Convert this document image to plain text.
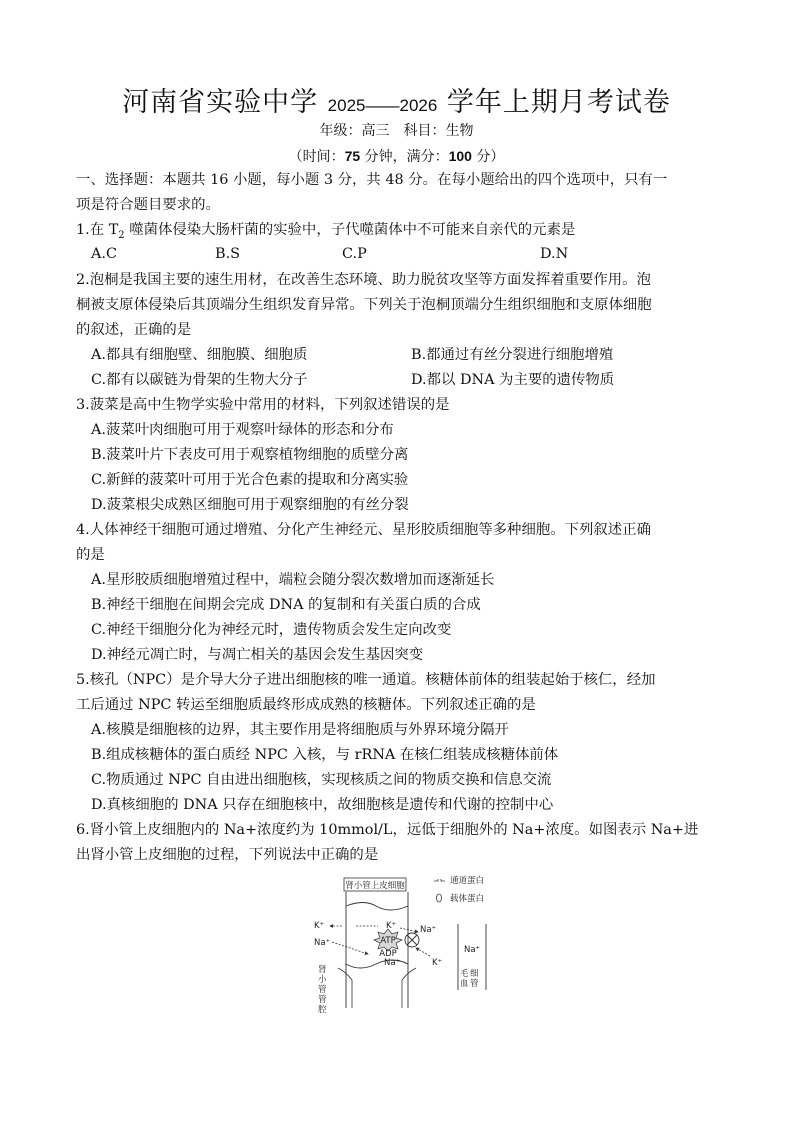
河南省实验中学 2025——2026 学年上期月考试卷
年级：高三　科目：生物
（时间：75 分钟，满分：100 分）
一、选择题：本题共 16 小题，每小题 3 分，共 48 分。在每小题给出的四个选项中，只有一
项是符合题目要求的。
1.在 $T_2$ 噬菌体侵染大肠杆菌的实验中，子代噬菌体中不可能来自亲代的元素是
A.C	B.S	C.P	D.N
2.泡桐是我国主要的速生用材，在改善生态环境、助力脱贫攻坚等方面发挥着重要作用。泡
桐被支原体侵染后其顶端分生组织发育异常。下列关于泡桐顶端分生组织细胞和支原体细胞
的叙述，正确的是
A.都具有细胞壁、细胞膜、细胞质	B.都通过有丝分裂进行细胞增殖
C.都有以碳链为骨架的生物大分子	D.都以 DNA 为主要的遗传物质
3.菠菜是高中生物学实验中常用的材料，下列叙述错误的是
A.菠菜叶肉细胞可用于观察叶绿体的形态和分布
B.菠菜叶片下表皮可用于观察植物细胞的质壁分离
C.新鲜的菠菜叶可用于光合色素的提取和分离实验
D.菠菜根尖成熟区细胞可用于观察细胞的有丝分裂
4.人体神经干细胞可通过增殖、分化产生神经元、星形胶质细胞等多种细胞。下列叙述正确
的是
A.星形胶质细胞增殖过程中，端粒会随分裂次数增加而逐渐延长
B.神经干细胞在间期会完成 DNA 的复制和有关蛋白质的合成
C.神经干细胞分化为神经元时，遗传物质会发生定向改变
D.神经元凋亡时，与凋亡相关的基因会发生基因突变
5.核孔（NPC）是介导大分子进出细胞核的唯一通道。核糖体前体的组装起始于核仁，经加
工后通过 NPC 转运至细胞质最终形成成熟的核糖体。下列叙述正确的是
A.核膜是细胞核的边界，其主要作用是将细胞质与外界环境分隔开
B.组成核糖体的蛋白质经 NPC 入核，与 rRNA 在核仁组装成核糖体前体
C.物质通过 NPC 自由进出细胞核，实现核质之间的物质交换和信息交流
D.真核细胞的 DNA 只存在细胞核中，故细胞核是遗传和代谢的控制中心
6.肾小管上皮细胞内的 Na+浓度约为 10mmol/L，远低于细胞外的 Na+浓度。如图表示 Na+进
出肾小管上皮细胞的过程，下列说法中正确的是
肾小管上皮细胞	通道蛋白
载体蛋白
Na⁺
K⁺
Na⁺
K⁺
Na⁺
Na⁺
K⁺
ATP
ADP
肾
小
管
管
腔
毛 细
血 管
